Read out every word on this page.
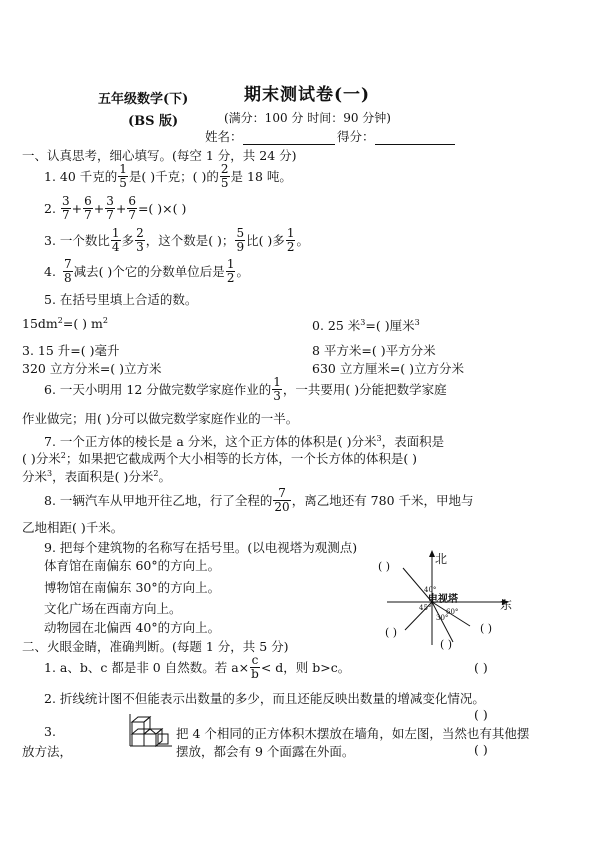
五年级数学(下)	期末测试卷(一)
(BS 版)	(满分：100 分 时间：90 分钟)
姓名：	得分：
一、认真思考，细心填写。(每空 1 分，共 24 分)
1. 40 千克的 $\frac{1}{5}$ 是( )千克；( )的 $\frac{2}{5}$ 是 18 吨。
2. $\frac{3}{7} + \frac{6}{7} + \frac{3}{7} + \frac{6}{7}$ =( )×( )
3. 一个数比 $\frac{1}{4}$ 多 $\frac{2}{3}$ ，这个数是( )； $\frac{5}{9}$ 比( )多 $\frac{1}{2}$ 。
4. $\frac{7}{8}$ 减去( )个它的分数单位后是 $\frac{1}{2}$ 。
5. 在括号里填上合适的数。
$15dm^2=$( ) $m^2$	0. 25 米$^3$=( )厘米$^3$
3. 15 升=( )毫升	8 平方米=( )平方分米
320 立方分米=( )立方米	630 立方厘米=( )立方分米
6. 一天小明用 12 分做完数学家庭作业的 $\frac{1}{3}$ ，一共要用( )分能把数学家庭
作业做完；用( )分可以做完数学家庭作业的一半。
7. 一个正方体的棱长是 a 分米，这个正方体的体积是( )分米$^3$，表面积是
( )分米$^2$；如果把它截成两个大小相等的长方体，一个长方体的体积是( )
分米$^3$，表面积是( )分米$^2$。
8. 一辆汽车从甲地开往乙地，行了全程的 $\frac{7}{20}$ ，离乙地还有 780 千米，甲地与
乙地相距( )千米。
9. 把每个建筑物的名称写在括号里。(以电视塔为观测点)
体育馆在南偏东 60°的方向上。
博物馆在南偏东 30°的方向上。
文化广场在西南方向上。
动物园在北偏西 40°的方向上。
北
东
电视塔
45°
40°
30°
60°
( )
( )
( )
( )
二、火眼金睛，准确判断。(每题 1 分，共 5 分)
1. a、b、c 都是非 0 自然数。若 $a\times \frac{c}{b} < d$，则 b>c。	( )
2. 折线统计图不但能表示出数量的多少，而且还能反映出数量的增减变化情况。
( )
3.	把 4 个相同的正方体积木摆放在墙角，如左图，当然也有其他摆
放方法，	摆放，都会有 9 个面露在外面。	( )
